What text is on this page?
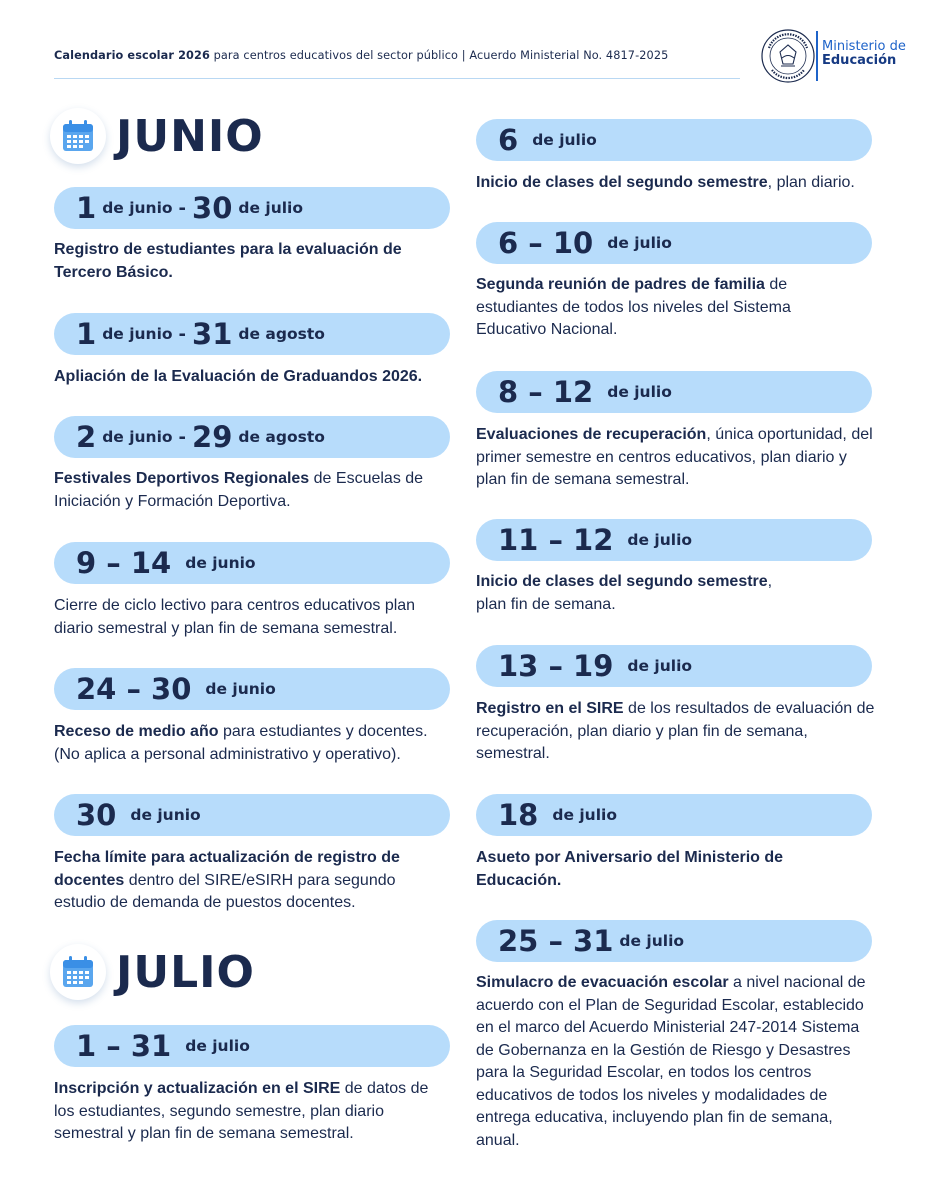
Calendario escolar 2026 para centros educativos del sector público | Acuerdo Ministerial No. 4817-2025
Ministerio de
Educación
JUNIO
1 de junio - 30 de julio
Registro de estudiantes para la evaluación de Tercero Básico.
1 de junio - 31 de agosto
Apliación de la Evaluación de Graduandos 2026.
2 de junio - 29 de agosto
Festivales Deportivos Regionales de Escuelas de Iniciación y Formación Deportiva.
9 – 14 de junio
Cierre de ciclo lectivo para centros educativos plan diario semestral y plan fin de semana semestral.
24 – 30 de junio
Receso de medio año para estudiantes y docentes. (No aplica a personal administrativo y operativo).
30 de junio
Fecha límite para actualización de registro de docentes dentro del SIRE/eSIRH para segundo estudio de demanda de puestos docentes.
JULIO
1 – 31 de julio
Inscripción y actualización en el SIRE de datos de los estudiantes, segundo semestre, plan diario semestral y plan fin de semana semestral.
6 de julio
Inicio de clases del segundo semestre, plan diario.
6 – 10 de julio
Segunda reunión de padres de familia de estudiantes de todos los niveles del Sistema Educativo Nacional.
8 – 12 de julio
Evaluaciones de recuperación, única oportunidad, del primer semestre en centros educativos, plan diario y plan fin de semana semestral.
11 – 12 de julio
Inicio de clases del segundo semestre, plan fin de semana.
13 – 19 de julio
Registro en el SIRE de los resultados de evaluación de recuperación, plan diario y plan fin de semana, semestral.
18 de julio
Asueto por Aniversario del Ministerio de Educación.
25 – 31 de julio
Simulacro de evacuación escolar a nivel nacional de acuerdo con el Plan de Seguridad Escolar, establecido en el marco del Acuerdo Ministerial 247-2014 Sistema de Gobernanza en la Gestión de Riesgo y Desastres para la Seguridad Escolar, en todos los centros educativos de todos los niveles y modalidades de entrega educativa, incluyendo plan fin de semana, anual.
